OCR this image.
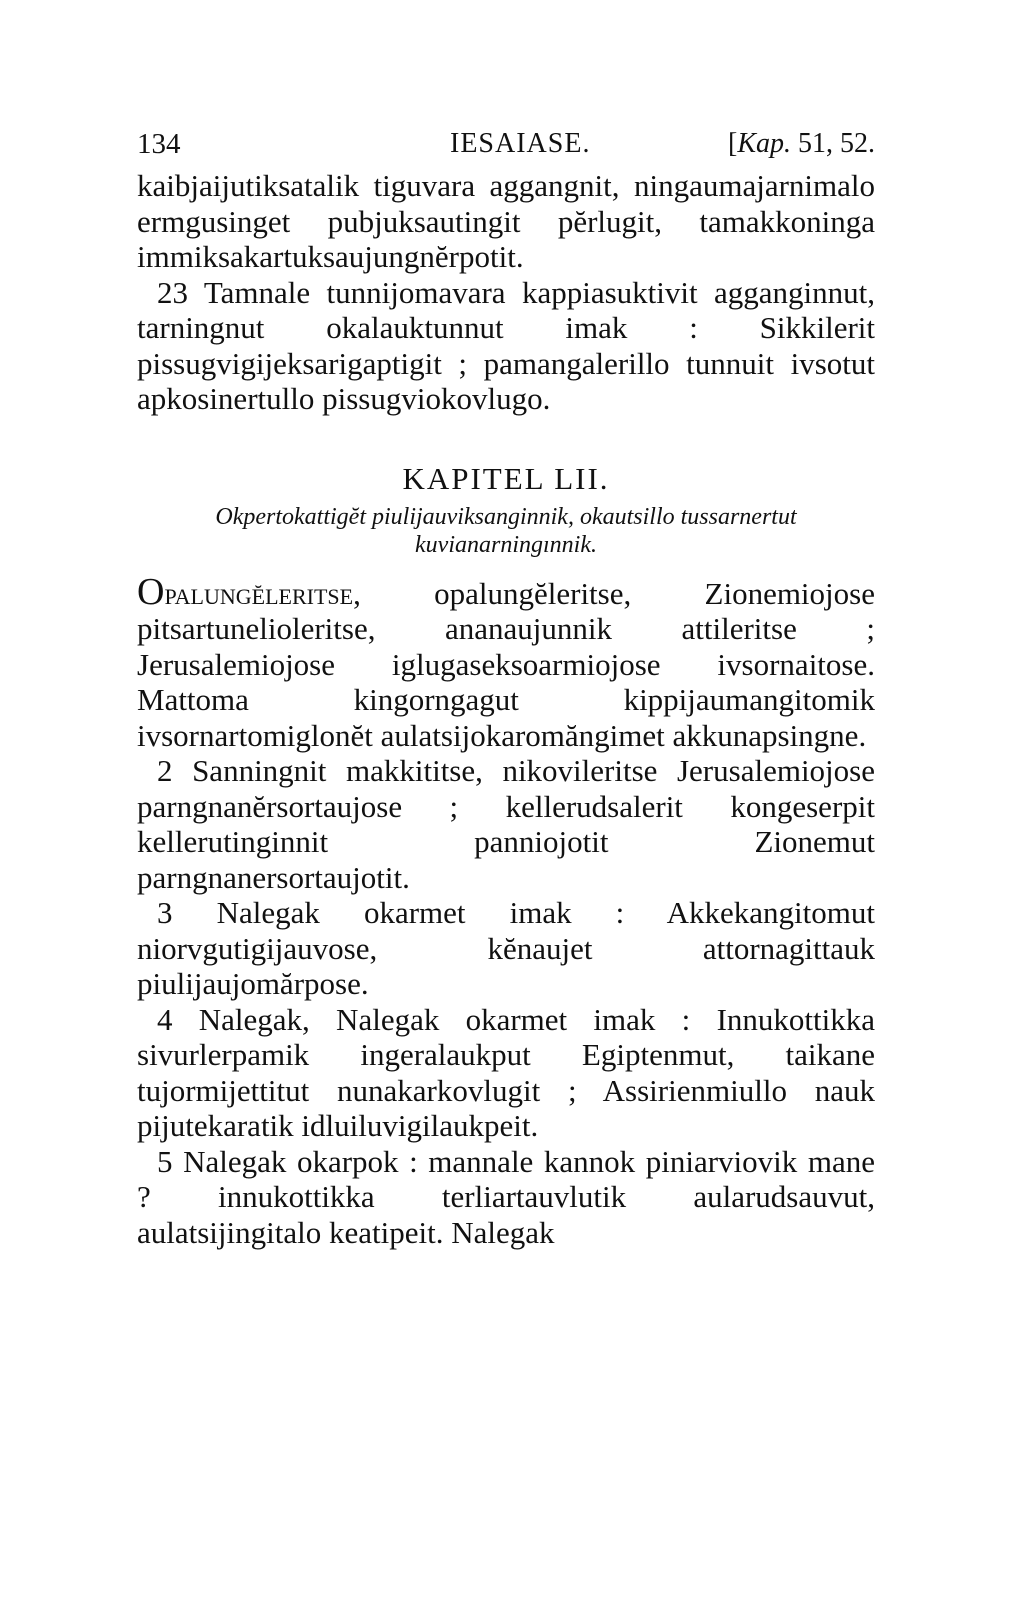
134	IESAIASE.	[Kap. 51, 52.

kaibjaijutiksatalik tiguvara aggangnit, ningaumajarnimalo ermgusinget pubjuksautingit pĕrlugit, tamakkoninga immiksakartuksaujungnĕrpotit.

23 Tamnale tunnijomavara kappiasuktivit agganginnut, tarningnut okalauktunnut imak : Sikkilerit pissugvigijeksarigaptigit ; pamangalerillo tunnuit ivsotut apkosinertullo pissugviokovlugo.

KAPITEL LII.

Okpertokattigĕt piulijauviksanginnik, okautsillo tussarnertut kuvianarningınnik.

Opalungĕleritse, opalungĕleritse, Zionemiojose pitsartunelioleritse, ananaujunnik attileritse ; Jerusalemiojose iglugaseksoarmiojose ivsornaitose. Mattoma kingorngagut kippijaumangitomik ivsornartomiglonĕt aulatsijokaromăngimet akkunapsingne.

2 Sanningnit makkititse, nikovileritse Jerusalemiojose parngnanĕrsortaujose ; kellerudsalerit kongeserpit kellerutinginnit panniojotit Zionemut parngnanersortaujotit.

3 Nalegak okarmet imak : Akkekangitomut niorvgutigijauvose, kĕnaujet attornagittauk piulijaujomărpose.

4 Nalegak, Nalegak okarmet imak : Innukottikka sivurlerpamik ingeralaukput Egiptenmut, taikane tujormijettitut nunakarkovlugit ; Assirienmiullo nauk pijutekaratik idluiluvigilaukpeit.

5 Nalegak okarpok : mannale kannok piniarviovik mane ? innukottikka terliartauvlutik aularudsauvut, aulatsijingitalo keatipeit. Nalegak
